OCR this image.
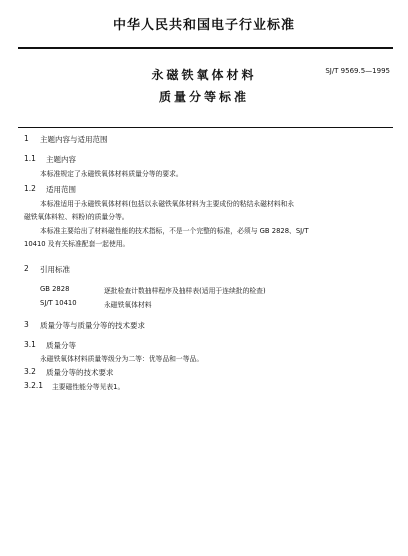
中华人民共和国电子行业标准
SJ/T 9569.5—1995
永磁铁氧体材料
质量分等标准
1 主题内容与适用范围
1.1 主题内容
本标准规定了永磁铁氧体材料质量分等的要求。
1.2 适用范围
本标准适用于永磁铁氧体材料(包括以永磁铁氧体材料为主要成份的粘结永磁材料和永
磁铁氧体料粒、料粉)的质量分等。
本标准主要给出了材料磁性能的技术指标，不是一个完整的标准，必须与 GB 2828、SJ/T
10410 及有关标准配套一起使用。
2 引用标准
GB 2828	逐批检查计数抽样程序及抽样表(适用于连续批的检查)
SJ/T 10410	永磁铁氧体材料
3 质量分等与质量分等的技术要求
3.1 质量分等
永磁铁氧体材料质量等级分为二等：优等品和一等品。
3.2 质量分等的技术要求
3.2.1 主要磁性能分等见表1。
